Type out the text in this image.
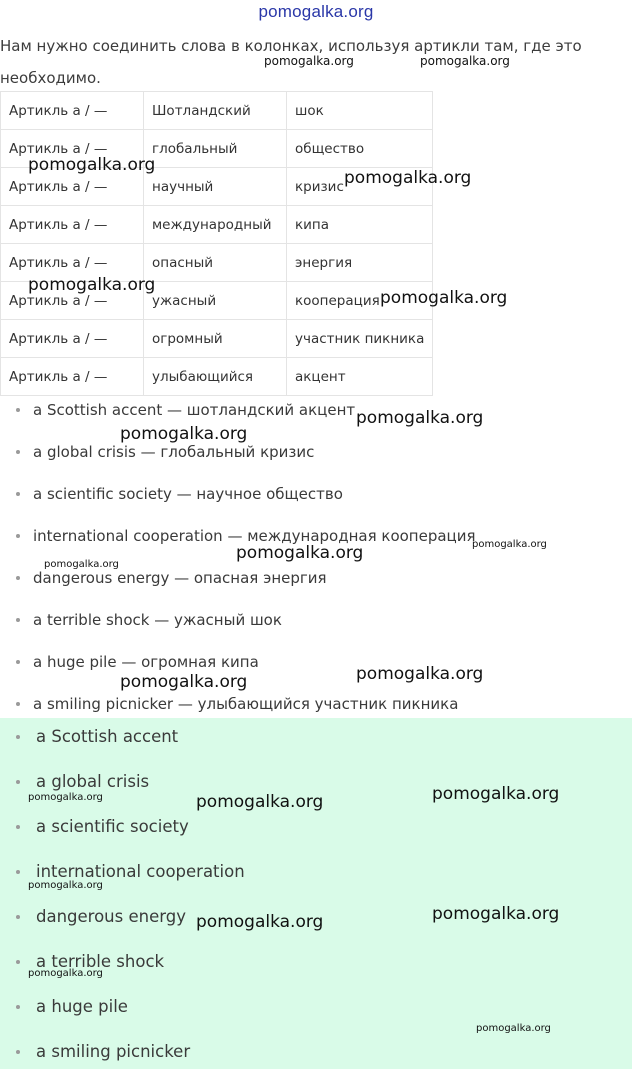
pomogalka.org
Нам нужно соединить слова в колонках, используя артикли там, где это необходимо.
Артикль a / —	Шотландский	шок
Артикль a / —	глобальный	общество
Артикль a / —	научный	кризис
Артикль a / —	международный	кипа
Артикль a / —	опасный	энергия
Артикль a / —	ужасный	кооперация
Артикль a / —	огромный	участник пикника
Артикль a / —	улыбающийся	акцент
a Scottish accent — шотландский акцент
a global crisis — глобальный кризис
a scientific society — научное общество
international cooperation — международная кооперация
dangerous energy — опасная энергия
a terrible shock — ужасный шок
a huge pile — огромная кипа
a smiling picnicker — улыбающийся участник пикника
a Scottish accent
a global crisis
a scientific society
international cooperation
dangerous energy
a terrible shock
a huge pile
a smiling picnicker
pomogalka.org	pomogalka.org
pomogalka.org
pomogalka.org
pomogalka.org
pomogalka.org
pomogalka.org
pomogalka.org
pomogalka.org
pomogalka.org
pomogalka.org
pomogalka.org
pomogalka.org
pomogalka.org
pomogalka.org	pomogalka.org
pomogalka.org
pomogalka.org
pomogalka.org
pomogalka.org
pomogalka.org
